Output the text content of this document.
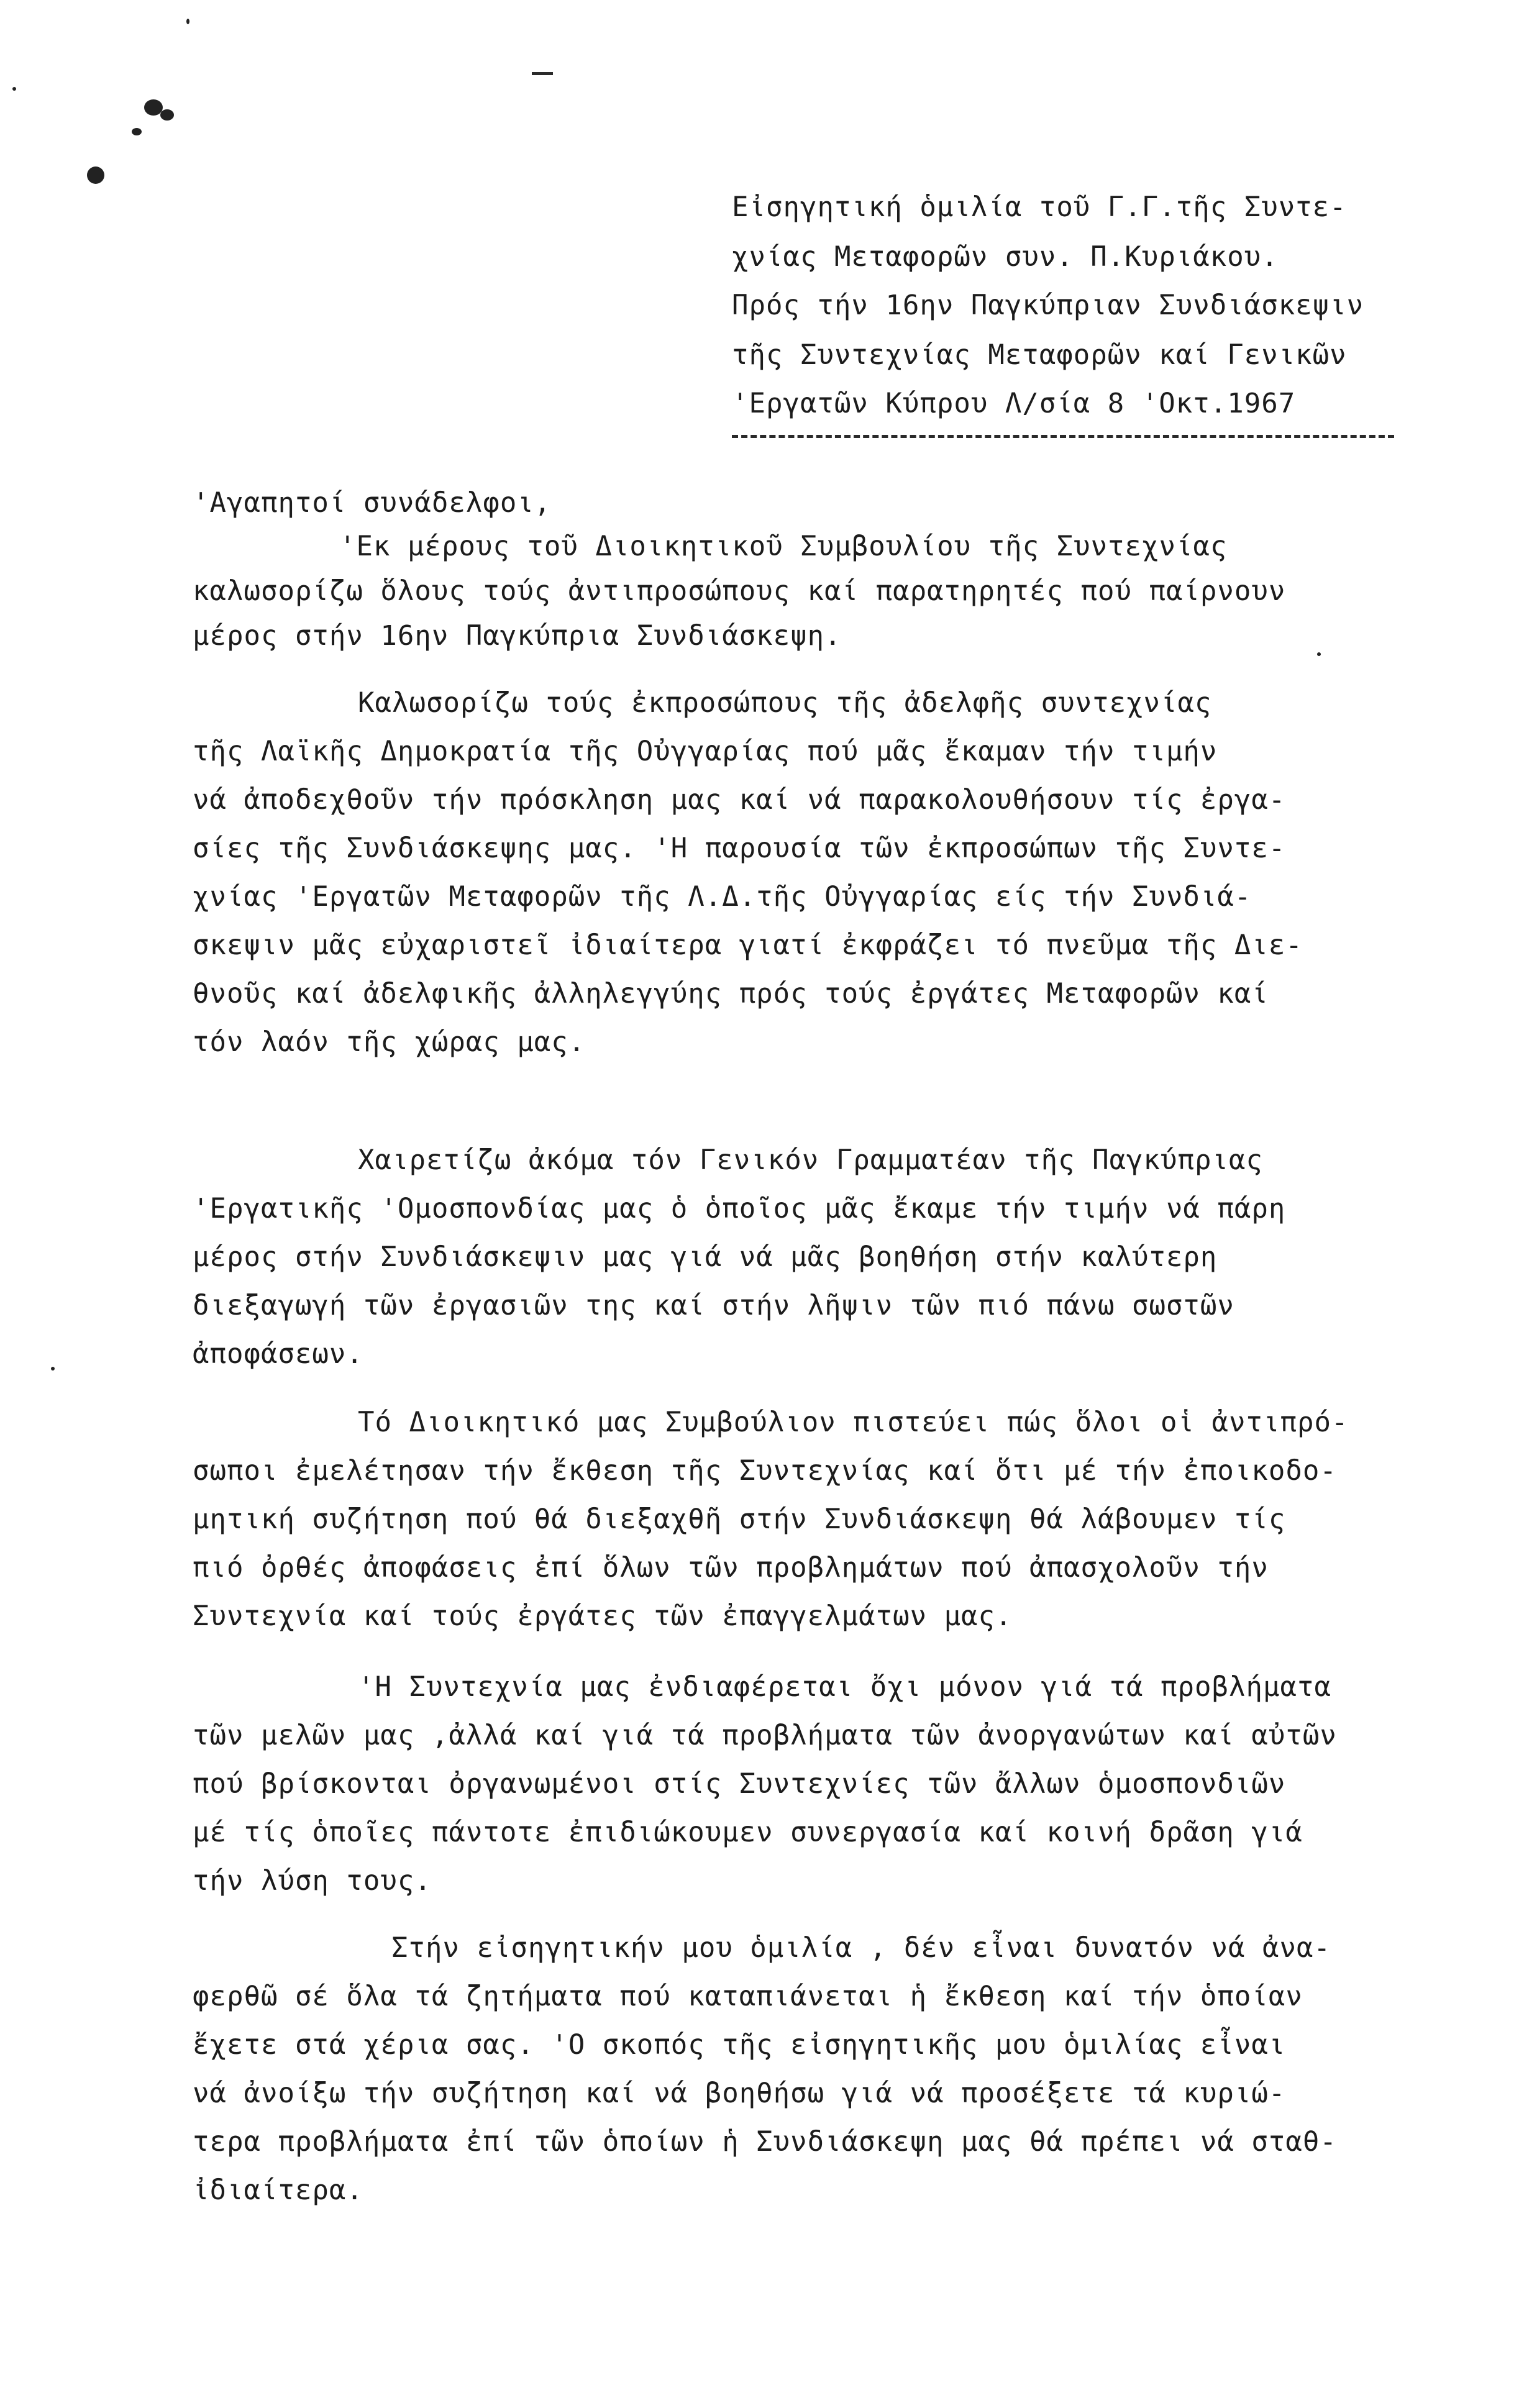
Εἰσηγητική ὁμιλία τοῦ Γ.Γ.τῆς Συντε-
χνίας Μεταφορῶν συν. Π.Κυριάκου.
Πρός τήν 16ην Παγκύπριαν Συνδιάσκεψιν
τῆς Συντεχνίας Μεταφορῶν καί Γενικῶν
'Εργατῶν Κύπρου Λ/σία 8 'Οκτ.1967
'Αγαπητοί συνάδελφοι,
'Εκ μέρους τοῦ Διοικητικοῦ Συμβουλίου τῆς Συντεχνίας
καλωσορίζω ὅλους τούς ἀντιπροσώπους καί παρατηρητές πού παίρνουν
μέρος στήν 16ην Παγκύπρια Συνδιάσκεψη.
Καλωσορίζω τούς ἐκπροσώπους τῆς ἀδελφῆς συντεχνίας
τῆς Λαϊκῆς Δημοκρατία τῆς Οὐγγαρίας πού μᾶς ἔκαμαν τήν τιμήν
νά ἀποδεχθοῦν τήν πρόσκληση μας καί νά παρακολουθήσουν τίς ἐργα-
σίες τῆς Συνδιάσκεψης μας. 'Η παρουσία τῶν ἐκπροσώπων τῆς Συντε-
χνίας 'Εργατῶν Μεταφορῶν τῆς Λ.Δ.τῆς Οὐγγαρίας είς τήν Συνδιά-
σκεψιν μᾶς εὐχαριστεῖ ἰδιαίτερα γιατί ἐκφράζει τό πνεῦμα τῆς Διε-
θνοῦς καί ἀδελφικῆς ἀλληλεγγύης πρός τούς ἐργάτες Μεταφορῶν καί
τόν λαόν τῆς χώρας μας.
Χαιρετίζω ἀκόμα τόν Γενικόν Γραμματέαν τῆς Παγκύπριας
'Εργατικῆς 'Ομοσπονδίας μας ὁ ὁποῖος μᾶς ἔκαμε τήν τιμήν νά πάρη
μέρος στήν Συνδιάσκεψιν μας γιά νά μᾶς βοηθήση στήν καλύτερη
διεξαγωγή τῶν ἐργασιῶν της καί στήν λῆψιν τῶν πιό πάνω σωστῶν
ἀποφάσεων.
Τό Διοικητικό μας Συμβούλιον πιστεύει πώς ὅλοι οἱ ἀντιπρό-
σωποι ἐμελέτησαν τήν ἔκθεση τῆς Συντεχνίας καί ὅτι μέ τήν ἐποικοδο-
μητική συζήτηση πού θά διεξαχθῆ στήν Συνδιάσκεψη θά λάβουμεν τίς
πιό ὀρθές ἀποφάσεις ἐπί ὅλων τῶν προβλημάτων πού ἀπασχολοῦν τήν
Συντεχνία καί τούς ἐργάτες τῶν ἐπαγγελμάτων μας.
'Η Συντεχνία μας ἐνδιαφέρεται ὄχι μόνον γιά τά προβλήματα
τῶν μελῶν μας ,ἀλλά καί γιά τά προβλήματα τῶν ἀνοργανώτων καί αὐτῶν
πού βρίσκονται ὀργανωμένοι στίς Συντεχνίες τῶν ἄλλων ὁμοσπονδιῶν
μέ τίς ὁποῖες πάντοτε ἐπιδιώκουμεν συνεργασία καί κοινή δρᾶση γιά
τήν λύση τους.
Στήν εἰσηγητικήν μου ὁμιλία , δέν εἶναι δυνατόν νά ἀνα-
φερθῶ σέ ὅλα τά ζητήματα πού καταπιάνεται ἡ ἔκθεση καί τήν ὁποίαν
ἔχετε στά χέρια σας. 'Ο σκοπός τῆς εἰσηγητικῆς μου ὁμιλίας εἶναι
νά ἀνοίξω τήν συζήτηση καί νά βοηθήσω γιά νά προσέξετε τά κυριώ-
τερα προβλήματα ἐπί τῶν ὁποίων ἡ Συνδιάσκεψη μας θά πρέπει νά σταθ-
ἰδιαίτερα.
